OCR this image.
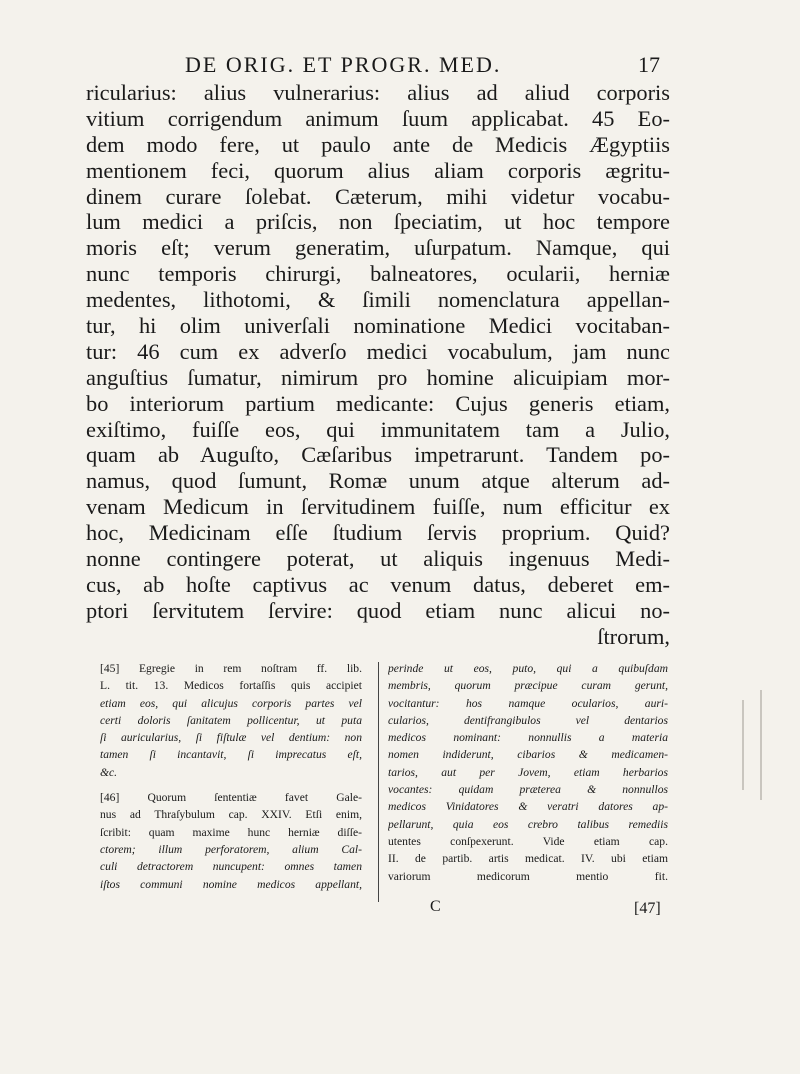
DE ORIG. ET PROGR. MED.	17
ricularius: alius vulnerarius: alius ad aliud corporis
vitium corrigendum animum ſuum applicabat. 45 Eo-
dem modo fere, ut paulo ante de Medicis Ægyptiis
mentionem feci, quorum alius aliam corporis ægritu-
dinem curare ſolebat. Cæterum, mihi videtur vocabu-
lum medici a priſcis, non ſpeciatim, ut hoc tempore
moris eſt; verum generatim, uſurpatum. Namque, qui
nunc temporis chirurgi, balneatores, ocularii, herniæ
medentes, lithotomi, & ſimili nomenclatura appellan-
tur, hi olim univerſali nominatione Medici vocitaban-
tur: 46 cum ex adverſo medici vocabulum, jam nunc
anguſtius ſumatur, nimirum pro homine alicuipiam mor-
bo interiorum partium medicante: Cujus generis etiam,
exiſtimo, fuiſſe eos, qui immunitatem tam a Julio,
quam ab Auguſto, Cæſaribus impetrarunt. Tandem po-
namus, quod ſumunt, Romæ unum atque alterum ad-
venam Medicum in ſervitudinem fuiſſe, num efficitur ex
hoc, Medicinam eſſe ſtudium ſervis proprium. Quid?
nonne contingere poterat, ut aliquis ingenuus Medi-
cus, ab hoſte captivus ac venum datus, deberet em-
ptori ſervitutem ſervire: quod etiam nunc alicui no-
ſtrorum,
[45] Egregie in rem noſtram ff. lib.
L. tit. 13. Medicos fortaſſis quis accipiet
etiam eos, qui alicujus corporis partes vel
certi doloris ſanitatem pollicentur, ut puta
ſi auricularius, ſi fiſtulæ vel dentium: non
tamen ſi incantavit, ſi imprecatus eſt,
&c.
[46] Quorum ſententiæ favet Gale-
nus ad Thraſybulum cap. XXIV. Etſi enim,
ſcribit: quam maxime hunc herniæ diſſe-
ctorem; illum perforatorem, alium Cal-
culi detractorem nuncupent: omnes tamen
iſtos communi nomine medicos appellant,
perinde ut eos, puto, qui a quibuſdam
membris, quorum præcipue curam gerunt,
vocitantur: hos namque ocularios, auri-
cularios, dentifrangibulos vel dentarios
medicos nominant: nonnullis a materia
nomen indiderunt, cibarios & medicamen-
tarios, aut per Jovem, etiam herbarios
vocantes: quidam præterea & nonnullos
medicos Vinidatores & veratri datores ap-
pellarunt, quia eos crebro talibus remediis
utentes conſpexerunt. Vide etiam cap.
II. de partib. artis medicat. IV. ubi etiam
variorum medicorum mentio fit.
C	[47]
